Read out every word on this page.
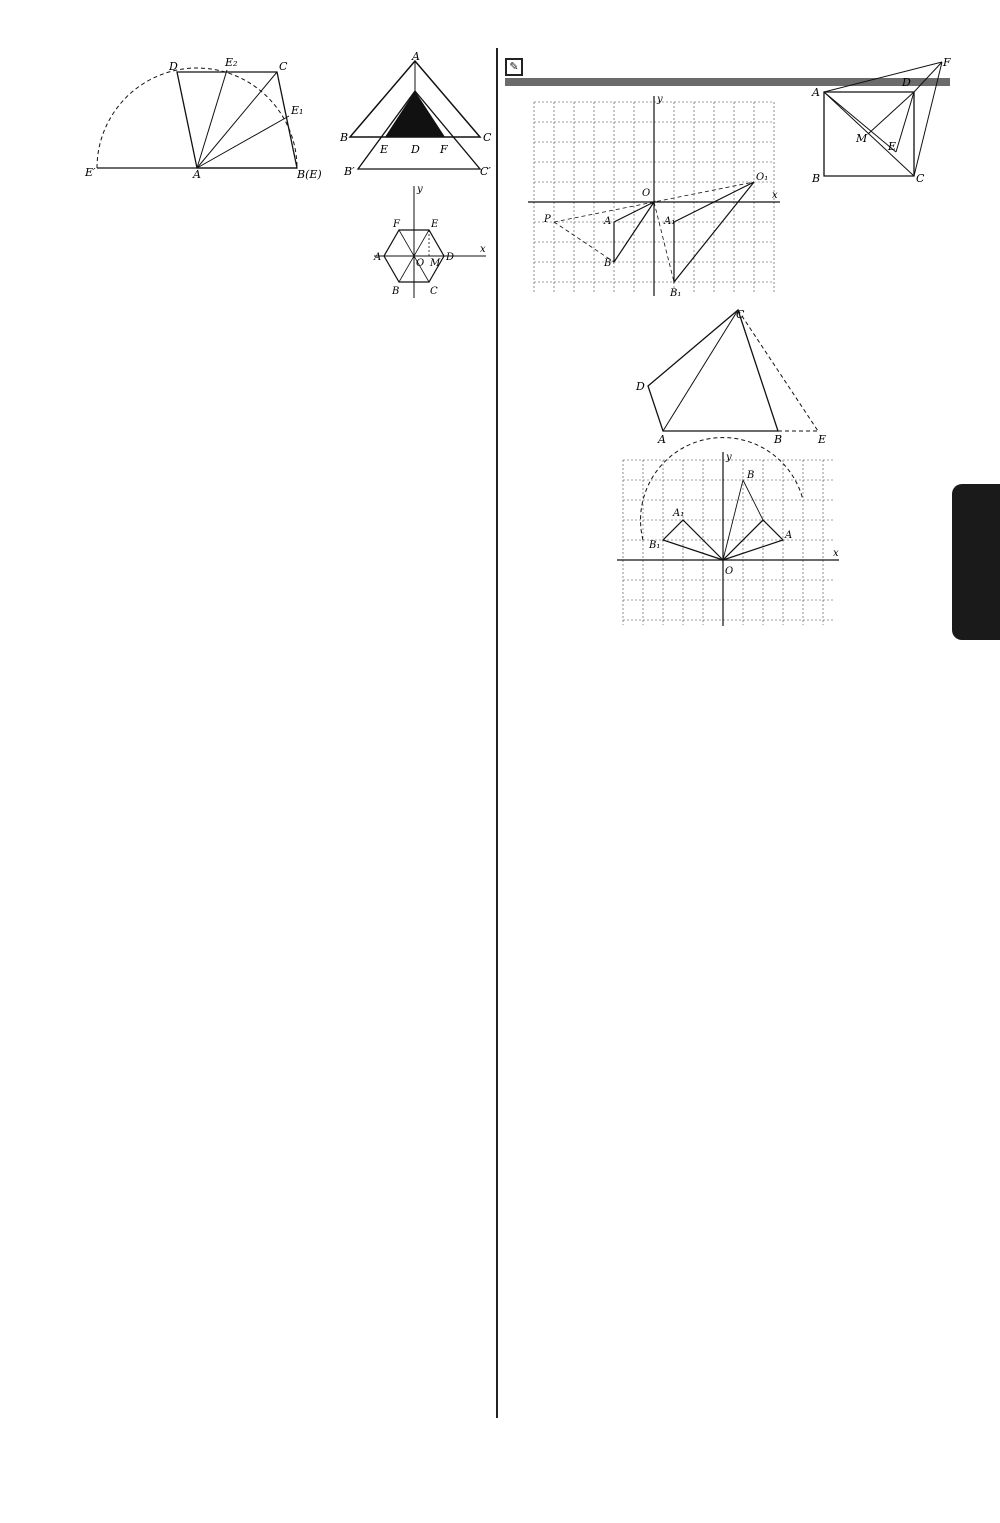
A
A′
B	C
E D F
B′	C′
D	E₂	C
E₁
E′	A	B(E)
y
x
F	E
A	D
O M
B	C
A
D
F
M
E
B	C
✎
y
x
O
O₁
P	A	A₁
B
B₁
C
D
A	B	E
y
x
O
B
A
A₁
B₁
